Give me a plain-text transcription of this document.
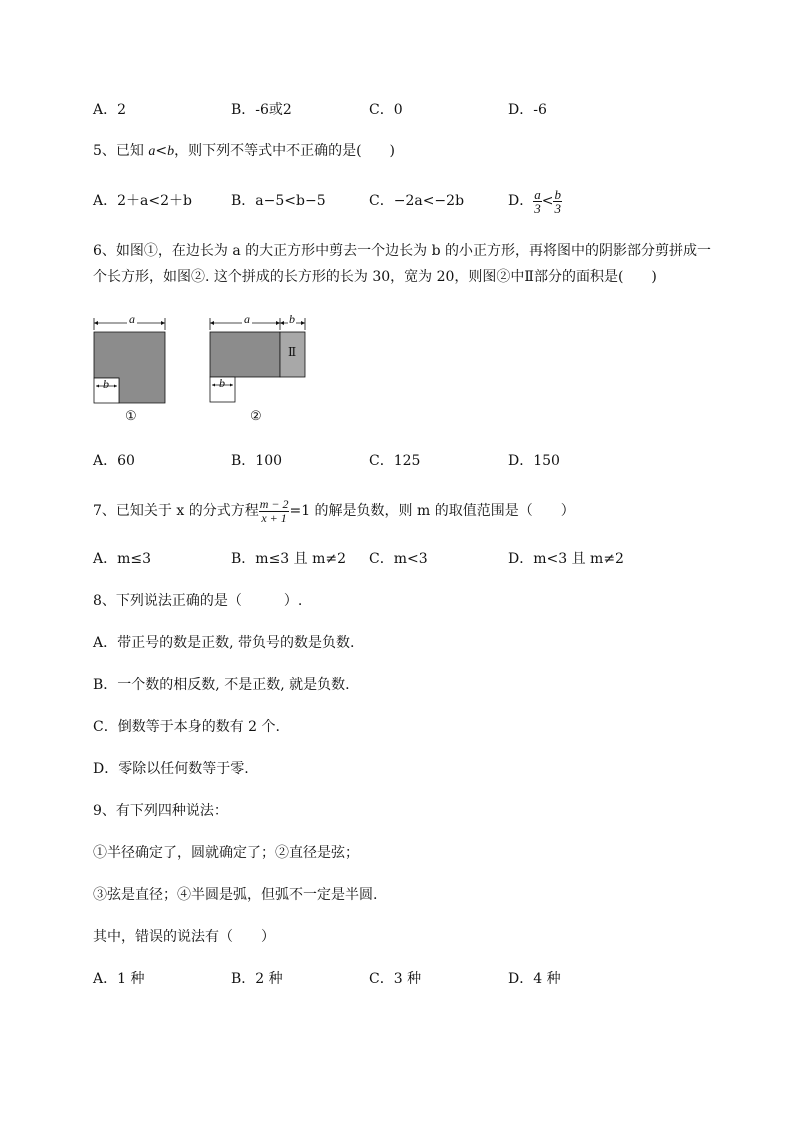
A．2	B．-6或2	C．0	D．-6
5、已知 a<b，则下列不等式中不正确的是(　　)
A．2＋a<2＋b	B．a−5<b−5	C．−2a<−2b	D． $\frac{a}{3} < \frac{b}{3}$
6、如图①，在边长为 a 的大正方形中剪去一个边长为 b 的小正方形，再将图中的阴影部分剪拼成一
个长方形，如图②. 这个拼成的长方形的长为 30，宽为 20，则图②中Ⅱ部分的面积是(　　)
a
b
①
a	b
Ⅱ
b
②
A．60	B．100	C．125	D．150
7、已知关于 x 的分式方程 $\frac{m - 2}{x + 1} =1$ 的解是负数，则 m 的取值范围是（　　）
A．m≤3	B．m≤3 且 m≠2 C．m<3	D．m<3 且 m≠2
8、下列说法正确的是（　　　）.
A．带正号的数是正数, 带负号的数是负数.
B．一个数的相反数, 不是正数, 就是负数.
C．倒数等于本身的数有 2 个.
D．零除以任何数等于零.
9、有下列四种说法：
①半径确定了，圆就确定了；②直径是弦；
③弦是直径；④半圆是弧，但弧不一定是半圆.
其中，错误的说法有（　　）
A．1 种	B．2 种	C．3 种	D．4 种
